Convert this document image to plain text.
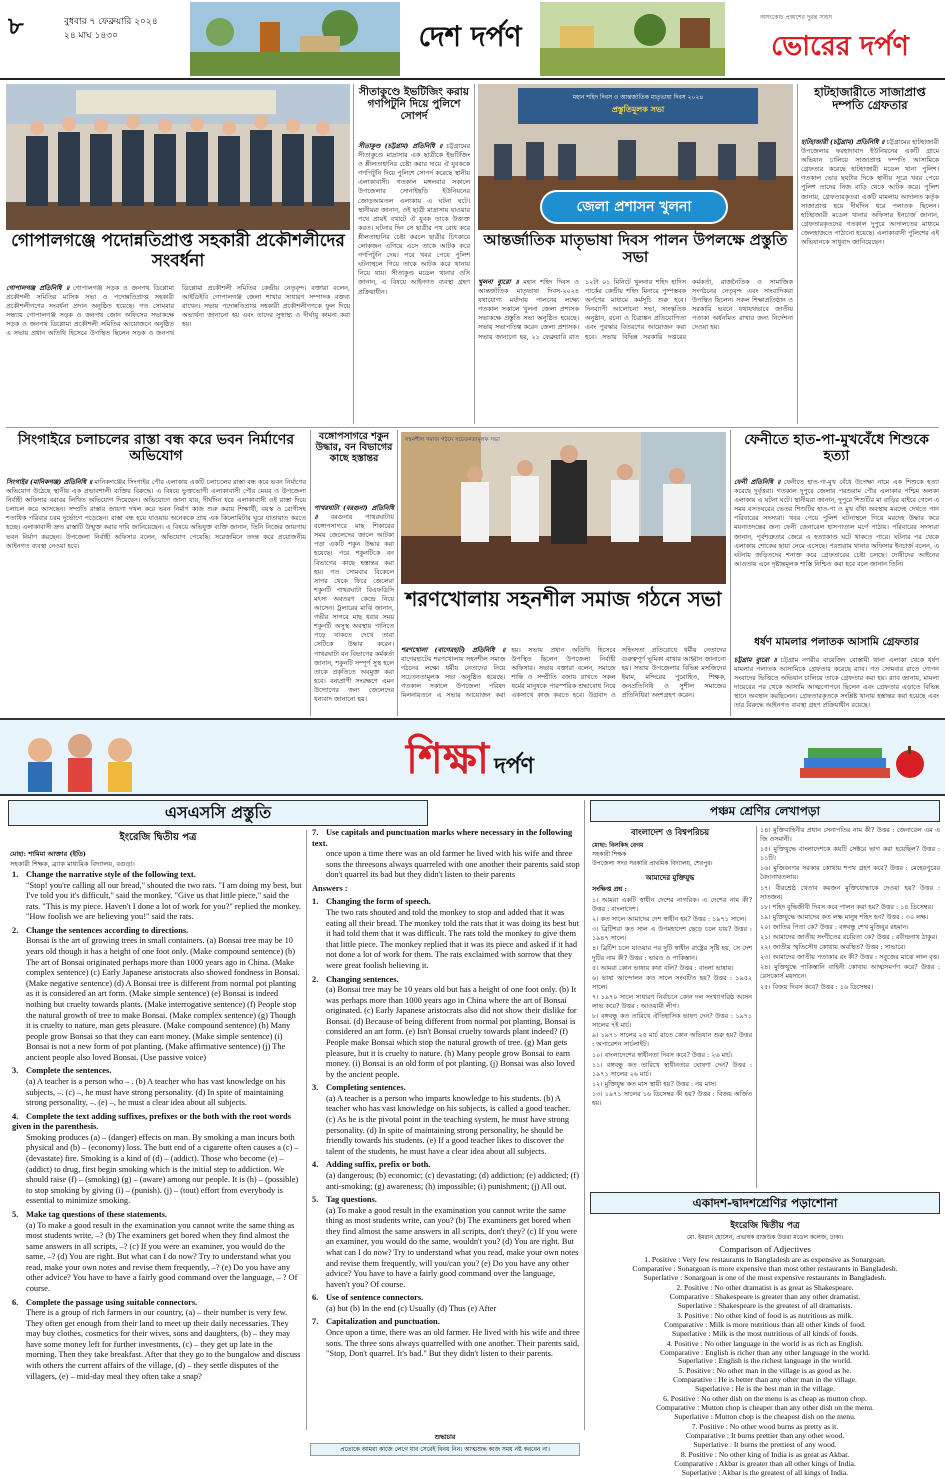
৮	বুধবার ৭ ফেব্রুয়ারি ২০২৪
২৪ মাঘ ১৪৩০	দেশ দর্পণ
অসংকোচ প্রকাশের দুরন্ত সাহস
ভোরের দর্পণ
গোপালগঞ্জে পদোন্নতিপ্রাপ্ত সহকারী প্রকৌশলীদের সংবর্ধনা
গোপালগঞ্জ প্রতিনিধি ॥ গোপালগঞ্জ সড়ক ও জনপথ ডিপ্লোমা প্রকৌশলী সমিতির মাসিক সভা ও পদোন্নতিপ্রাপ্ত সহকারী প্রকৌশলীগণের সংবর্ধনা প্রদান অনুষ্ঠিত হয়েছে। গত সোমবার সন্ধ্যায় গোপালগঞ্জ সড়ক ও জনপথ জোন অফিসের সভাকক্ষে সড়ক ও জনপথ ডিপ্লোমা প্রকৌশলী সমিতির আয়োজনে অনুষ্ঠিত এ সভায় প্রধান অতিথি হিসেবে উপস্থিত ছিলেন সড়ক ও জনপথ ডিপ্লোমা প্রকৌশলী সমিতির কেন্দ্রীয় নেতৃবৃন্দ। বক্তারা বলেন, আইডিইবি গোপালগঞ্জ জেলা শাখার সাধারণ সম্পাদক বক্তব্য রাখেন। সভায় পদোন্নতিপ্রাপ্ত সহকারী প্রকৌশলীগণকে ফুল দিয়ে অভ্যর্থনা জানানো হয় এবং তাদের সুস্বাস্থ্য ও দীর্ঘায়ু কামনা করা হয়।
সীতাকুণ্ডে ইভটিজিং করায় গণপিটুনি দিয়ে পুলিশে সোপর্দ
সীতাকুণ্ড (চট্টগ্রাম) প্রতিনিধি ॥ চট্টগ্রামের সীতাকুণ্ডে মাদ্রাসার এক ছাত্রীকে ইভটিজিং ও শ্লীলতাহানির চেষ্টা করার দায়ে ঐ যুবককে গণপিটুনি দিয়ে পুলিশে সোপর্দ করেছে স্থানীয় এলাকাবাসী। গতকাল মঙ্গলবার সকালে উপজেলার সোনাইছড়ি ইউনিয়নের জোড়আমতল এলাকায় এ ঘটনা ঘটে। স্থানীয়রা জানান, ওই ছাত্রী মাদ্রাসায় যাওয়ার পথে প্রায়ই বখাটে ঐ যুবক তাকে উত্ত্যক্ত করত। ঘটনার দিন সে ছাত্রীর পথ রোধ করে শ্লীলতাহানির চেষ্টা করলে ছাত্রীর চিৎকারে লোকজন এগিয়ে এসে তাকে আটক করে গণপিটুনি দেয়। পরে খবর পেয়ে পুলিশ ঘটনাস্থলে গিয়ে তাকে আটক করে থানায় নিয়ে যায়। সীতাকুণ্ড মডেল থানার ওসি জানান, এ বিষয়ে আইনগত ব্যবস্থা গ্রহণ প্রক্রিয়াধীন।
মহান শহিদ দিবস ও আন্তর্জাতিক মাতৃভাষা দিবস ২০২৪
প্রস্তুতিমূলক সভা
জেলা প্রশাসন খুলনা
আন্তর্জাতিক মাতৃভাষা দিবস পালন উপলক্ষে প্রস্তুতি সভা
খুলনা ব্যুরো ॥ মহান শহিদ দিবস ও আন্তর্জাতিক মাতৃভাষা দিবস-২০২৪ যথাযোগ্য মর্যাদায় পালনের লক্ষ্যে গতকাল সকালে খুলনা জেলা প্রশাসক সভাকক্ষে প্রস্তুতি সভা অনুষ্ঠিত হয়েছে। সভায় সভাপতিত্ব করেন জেলা প্রশাসক। সভায় জানানো হয়, ২১ ফেব্রুয়ারি রাত ১২টা ০১ মিনিটে খুলনার শহিদ হাদিস পার্কের কেন্দ্রীয় শহিদ মিনারে পুষ্পস্তবক অর্পণের মাধ্যমে কর্মসূচি শুরু হবে। দিনব্যাপী আলোচনা সভা, সাংস্কৃতিক অনুষ্ঠান, রচনা ও চিত্রাঙ্কন প্রতিযোগিতা এবং পুরস্কার বিতরণের আয়োজন করা হবে। সভায় বিভিন্ন সরকারি দপ্তরের কর্মকর্তা, রাজনৈতিক ও সামাজিক সংগঠনের নেতৃবৃন্দ এবং সাংবাদিকরা উপস্থিত ছিলেন। সকল শিক্ষাপ্রতিষ্ঠান ও সরকারি ভবনে যথাযথভাবে জাতীয় পতাকা অর্ধনমিত রাখার জন্য নির্দেশনা দেওয়া হয়।
হাটহাজারীতে সাজাপ্রাপ্ত দম্পতি গ্রেফতার
হাটহাজারী (চট্টগ্রাম) প্রতিনিধি ॥ চট্টগ্রামের হাটহাজারী উপজেলার ফরহাদাবাদ ইউনিয়নের একটি গ্রামে অভিযান চালিয়ে সাজাপ্রাপ্ত দম্পতি আসামিকে গ্রেফতার করেছে হাটহাজারী মডেল থানা পুলিশ। গতকাল ভোর ছয়টার দিকে স্থানীয় সূত্রে খবর পেয়ে পুলিশ তাদের নিজ বাড়ি থেকে আটক করে। পুলিশ জানায়, গ্রেফতারকৃতরা একটি মামলায় আদালত কর্তৃক সাজাপ্রাপ্ত হয়ে দীর্ঘদিন ধরে পলাতক ছিলেন। হাটহাজারী মডেল থানার অফিসার ইনচার্জ জানান, গ্রেফতারকৃতদের গতকাল দুপুরে আদালতের মাধ্যমে জেলহাজতে পাঠানো হয়েছে। এলাকাবাসী পুলিশের এই অভিযানকে সাধুবাদ জানিয়েছেন।
সিংগাইরে চলাচলের রাস্তা বন্ধ করে ভবন নির্মাণের অভিযোগ
সিংগাইর (মানিকগঞ্জ) প্রতিনিধি ॥ মানিকগঞ্জের সিংগাইর পৌর এলাকায় একটি চলাচলের রাস্তা বন্ধ করে ভবন নির্মাণের অভিযোগ উঠেছে স্থানীয় এক প্রভাবশালী ব্যক্তির বিরুদ্ধে। এ বিষয়ে ভুক্তভোগী এলাকাবাসী পৌর মেয়র ও উপজেলা নির্বাহী অফিসার বরাবর লিখিত অভিযোগ দিয়েছেন। অভিযোগে জানা যায়, দীর্ঘদিন ধরে এলাকাবাসী ওই রাস্তা দিয়ে চলাচল করে আসছেন। সম্প্রতি রাস্তার জায়গা দখল করে ভবন নির্মাণ কাজ শুরু করায় শিক্ষার্থী, বয়স্ক ও রোগীসহ শতাধিক পরিবার চরম দুর্ভোগে পড়েছেন। রাস্তা বন্ধ হয়ে যাওয়ায় অনেককে প্রায় এক কিলোমিটার ঘুরে যাতায়াত করতে হচ্ছে। এলাকাবাসী দ্রুত রাস্তাটি উন্মুক্ত করার দাবি জানিয়েছেন। এ বিষয়ে অভিযুক্ত ব্যক্তি জানান, তিনি নিজের জায়গায় ভবন নির্মাণ করছেন। উপজেলা নির্বাহী অফিসার বলেন, অভিযোগ পেয়েছি। সরেজমিনে তদন্ত করে প্রয়োজনীয় আইনগত ব্যবস্থা নেওয়া হবে।
বঙ্গোপসাগরে শকুন উদ্ধার, বন বিভাগের কাছে হস্তান্তর
পাথরঘাটা (বরগুনা) প্রতিনিধি ॥ বরগুনার পাথরঘাটায় বঙ্গোপসাগরে মাছ শিকারের সময় জেলেদের জালে আটকা পড়া একটি শকুন উদ্ধার করা হয়েছে। পরে শকুনটিকে বন বিভাগের কাছে হস্তান্তর করা হয়। গত সোমবার বিকেলে সাগর থেকে ফিরে জেলেরা শকুনটি পাথরঘাটা বিএফডিসি মৎস্য অবতরণ কেন্দ্রে নিয়ে আসেন। ট্রলারের মাঝি জানান, গভীর সাগরে মাছ ধরার সময় শকুনটি অসুস্থ অবস্থায় পানিতে পড়ে থাকতে দেখে তারা সেটিকে উদ্ধার করেন। পাথরঘাটা বন বিভাগের কর্মকর্তা জানান, শকুনটি সম্পূর্ণ সুস্থ হলে তাকে প্রকৃতিতে অবমুক্ত করা হবে। বন্যপ্রাণী সংরক্ষণে এমন উদ্যোগের জন্য জেলেদের ধন্যবাদ জানানো হয়।
সহনশীল সমাজ গঠনে সচেতনতামূলক সভা
শরণখোলায় সহনশীল সমাজ গঠনে সভা
ফেনীতে হাত-পা-মুখবেঁধে শিশুকে হত্যা
ফেনী প্রতিনিধি ॥ ফেনীতে হাত-পা-মুখ বেঁধে উপেক্ষা নামে এক শিশুকে হত্যা করেছে দুর্বৃত্তরা। গতকাল দুপুরে জেলার পরশুরাম পৌর এলাকার পশ্চিম অলকা এলাকায় এ ঘটনা ঘটে। স্থানীয়রা জানান, দুপুরে শিশুটির মা বাড়ির বাইরে গেলে এ সময় বসতঘরের ভেতর শিশুটির হাত-পা ও মুখ বাঁধা অবস্থায় মরদেহ দেখতে পান পরিবারের সদস্যরা। খবর পেয়ে পুলিশ ঘটনাস্থলে গিয়ে মরদেহ উদ্ধার করে ময়নাতদন্তের জন্য ফেনী জেনারেল হাসপাতাল মর্গে পাঠায়। পরিবারের সদস্যরা জানান, পূর্বশত্রুতার জেরে এ হত্যাকাণ্ড ঘটে থাকতে পারে। ঘটনার পর থেকে এলাকায় শোকের ছায়া নেমে এসেছে। পরশুরাম থানার অফিসার ইনচার্জ বলেন, এ ঘটনায় জড়িতদের শনাক্ত করে গ্রেফতারের চেষ্টা চলছে। দোষীদের আইনের আওতায় এনে দৃষ্টান্তমূলক শাস্তি নিশ্চিত করা হবে বলে জানান তিনি।
শরণখোলা (বাগেরহাট) প্রতিনিধি ॥ বাগেরহাটের শরণখোলায় সহনশীল সমাজ গঠনের লক্ষ্যে ধর্মীয় নেতাদের নিয়ে সচেতনতামূলক সভা অনুষ্ঠিত হয়েছে। গতকাল সকালে উপজেলা পরিষদ মিলনায়তনে এ সভার আয়োজন করা হয়। সভায় প্রধান অতিথি হিসেবে উপস্থিত ছিলেন উপজেলা নির্বাহী অফিসার। সভায় বক্তারা বলেন, সমাজে শান্তি ও সম্প্রীতি বজায় রাখতে সকল ধর্মের মানুষকে পারস্পরিক শ্রদ্ধাবোধ নিয়ে একসাথে কাজ করতে হবে। উগ্রবাদ ও সহিংসতা প্রতিরোধে ধর্মীয় নেতাদের গুরুত্বপূর্ণ ভূমিকা রাখার আহ্বান জানানো হয়। সভায় উপজেলার বিভিন্ন মসজিদের ইমাম, মন্দিরের পুরোহিত, শিক্ষক, জনপ্রতিনিধি ও সুশীল সমাজের প্রতিনিধিরা অংশগ্রহণ করেন।
ধর্ষণ মামলার পলাতক আসামি গ্রেফতার
চট্টগ্রাম ব্যুরো ॥ চট্টগ্রাম নগরীর বায়েজিদ বোস্তামী থানা এলাকা থেকে ধর্ষণ মামলার পলাতক আসামিকে গ্রেফতার করেছে র‍্যাব। গত সোমবার রাতে গোপন সংবাদের ভিত্তিতে অভিযান চালিয়ে তাকে গ্রেফতার করা হয়। র‍্যাব জানায়, মামলা দায়েরের পর থেকে আসামি আত্মগোপনে ছিলেন এবং গ্রেফতার এড়াতে বিভিন্ন স্থানে অবস্থান করছিলেন। গ্রেফতারকৃতকে সংশ্লিষ্ট থানায় হস্তান্তর করা হয়েছে এবং তার বিরুদ্ধে আইনগত ব্যবস্থা গ্রহণ প্রক্রিয়াধীন রয়েছে।
শিক্ষা দর্পণ
এসএসসি প্রস্তুতি
ইংরেজি দ্বিতীয় পত্র
মোহা: শামিমা আক্তার (ইতি)
সহকারী শিক্ষক, ব্র্যাক মাধ্যমিক বিদ্যালয়, বগুড়া।
1. Change the narrative style of the following text.
"Stop! you're calling all our bread," shouted the two rats. "I am doing my best, but I've told you it's difficult," said the monkey. "Give us that little piece," said the rats. "This is my piece. Haven't I done a lot of work for you?" replied the monkey. "How foolish we are believing you!" said the rats.
2. Change the sentences according to directions.
Bonsai is the art of growing trees in small containers. (a) Bonsai tree may be 10 years old though it has a height of one foot only. (Make compound sentence) (b) The art of Bonsai originated perhaps more than 1000 years ago in China. (Make complex sentence) (c) Early Japanese aristocrats also showed fondness in Bonsai. (Make negative sentence) (d) A Bonsai tree is different from normal pot planting as it is considered an art form. (Make simple sentence) (e) Bonsai is indeed nothing but cruelty towards plants. (Make interrogative sentence) (f) People stop the natural growth of tree to make Bonsai. (Make complex sentence) (g) Though it is cruelty to nature, man gets pleasure. (Make compound sentence) (h) Many people grow Bonsai so that they can earn money. (Make simple sentence) (i) Bonsai is not a new form of pot planting. (Make affirmative sentence) (j) The ancient people also loved Bonsai. (Use passive voice)
3. Complete the sentences.
(a) A teacher is a person who – . (b) A teacher who has vast knowledge on his subjects, –. (c) –, he must have strong personality. (d) In spite of maintaining strong personality, –. (e) –, he must a clear idea about all subjects.
4. Complete the text adding suffixes, prefixes or the both with the root words given in the parenthesis.
Smoking produces (a) – (danger) effects on man. By smoking a man incurs both physical and (b) – (economy) loss. The butt end of a cigarette often causes a (c) – (devastate) fire. Smoking is a kind of (d) – (addict). Those who become (e) – (addict) to drug, first begin smoking which is the initial step to addiction. We should raise (f) – (smoking) (g) – (aware) among our people. It is (h) – (possible) to stop smoking by giving (i) – (punish). (j) – (tout) effort from everybody is essential to minimize smoking.
5. Make tag questions of these statements.
(a) To make a good result in the examination you cannot write the same thing as most students write, –? (b) The examiners get bored when they find almost the same answers in all scripts, –? (c) If you were an examiner, you would do the same, –? (d) You are right. But what can I do now? Try to understand what you read, make your own notes and revise them frequently, –? (e) Do you have any other advice? You have to have a fairly good command over the language, – ? Of course.
6. Complete the passage using suitable connectors.
There is a group of rich farmers in our country, (a) – their number is very few. They often get enough from their land to meet up their daily necessaries. They may buy clothes, cosmetics for their wives, sons and daughters, (b) – they may have some money left for further investments, (c) – they get up late in the morning. Then they take breakfast. After that they go to the bungalow and discuss with others the current affairs of the village, (d) – they settle disputes of the villagers, (e) – mid-day meal they often take a snap?
7. Use capitals and punctuation marks where necessary in the following text.
once upon a time there was an old farmer he lived with his wife and three sons the threesons always quarreled with one another their parents said stop don't quarrel its bad but they didn't listen to their parents
Answers :
1. Changing the form of speech.
The two rats shouted and told the monkey to stop and added that it was eating all their bread. The monkey told the rats that it was doing its best but it had told them that it was difficult. The rats told the monkey to give them that little piece. The monkey replied that it was its piece and asked if it had not done a lot of work for them. The rats exclaimed with sorrow that they were great foolish believing it.
2. Changing sentences.
(a) Bonsai tree may be 10 years old but has a height of one foot only. (b) It was perhaps more than 1000 years ago in China where the art of Bonsai originated. (c) Early Japanese aristocrats also did not show their dislike for Bonsai. (d) Because of being different from normal pot planting, Bonsai is considered an art form. (e) Isn't Bonsai cruelty towards plant indeed? (f) People make Bonsai which stop the natural growth of tree. (g) Man gets pleasure, but it is cruelty to nature. (h) Many people grow Bonsai to earn money. (i) Bonsai is an old form of pot planting. (j) Bonsai was also loved by the ancient people.
3. Completing sentences.
(a) A teacher is a person who imparts knowledge to his students. (b) A teacher who has vast knowledge on his subjects, is called a good teacher. (c) As he is the pivotal point in the teaching system, he must have strong personality. (d) In spite of maintaining strong personality, he should be friendly towards his students. (e) If a good teacher likes to discover the talent of the students, he must have a clear idea about all subjects.
4. Adding suffix, prefix or both.
(a) dangerous; (b) economic; (c) devastating; (d) addiction; (e) addicted; (f) anti-smoking; (g) awareness; (h) impossible; (i) punishment; (j) All out.
5. Tag questions.
(a) To make a good result in the examination you cannot write the same thing as most students write, can you? (b) The examiners get bored when they find almost the same answers in all scripts, don't they? (c) If you were an examiner, you would do the same, wouldn't you? (d) You are right. But what can I do now? Try to understand what you read, make your own notes and revise them frequently, will you/can you? (e) Do you have any other advice? You have to have a fairly good command over the language, haven't you? Of course.
6. Use of sentence connectors.
(a) but (b) In the end (c) Usually (d) Thus (e) After
7. Capitalization and punctuation.
Once upon a time, there was an old farmer. He lived with his wife and three sons. The three sons always quarrelled with one another. Their parents said, "Stop, Don't quarrel. It's bad." But they didn't listen to their parents.
পঞ্চম শ্রেণির লেখাপড়া
বাংলাদেশ ও বিশ্বপরিচয়
মোছা: বিলকিছ বেগম
সহকারী শিক্ষক
উপজেলা সদর সরকারি প্রাথমিক বিদ্যালয়, শেরপুর।
আমাদের মুক্তিযুদ্ধ
সংক্ষিপ্ত প্রশ্ন :
১। আমরা একটি স্বাধীন দেশের নাগরিক। এ দেশের নাম কী? উত্তর : বাংলাদেশ।
২। কত সালে আমাদের দেশ স্বাধীন হয়? উত্তর : ১৯৭১ সালে।
৩। ব্রিটিশরা কত সাল এ উপমহাদেশ ছেড়ে চলে যায়? উত্তর : ১৯৪৭ সালে।
৪। ব্রিটিশ চলে যাওয়ার পর দুটি স্বাধীন রাষ্ট্রের সৃষ্টি হয়, সে দেশ দুটির নাম কী? উত্তর : ভারত ও পাকিস্তান।
৫। আমরা কোন ভাষায় কথা বলি? উত্তর : বাংলা ভাষায়।
৬। ভাষা আন্দোলন কত সালে সংঘটিত হয়? উত্তর : ১৯৫২ সালে।
৭। ১৯৭০ সালে সাধারণ নির্বাচনে কোন দল সংখ্যাগরিষ্ঠ আসন লাভ করে? উত্তর : আওয়ামী লীগ।
৮। বঙ্গবন্ধু কত তারিখে ঐতিহাসিক ভাষণ দেন? উত্তর : ১৯৭১ সালের ৭ই মার্চ।
৯। ১৯৭১ সালের ২৫ মার্চ রাতে কোন অভিযান শুরু হয়? উত্তর : অপারেশন সার্চলাইট।
১০। বাংলাদেশের স্বাধীনতা দিবস কবে? উত্তর : ২৬ মার্চ।
১১। বঙ্গবন্ধু কত তারিখে স্বাধীনতার ঘোষণা দেন? উত্তর : ১৯৭১ সালের ২৬ মার্চ।
১২। মুক্তিযুদ্ধ কত মাস স্থায়ী হয়? উত্তর : নয় মাস।
১৩। ১৯৭১ সালের ১৬ ডিসেম্বর কী হয়? উত্তর : বিজয় অর্জিত হয়।
১৪। মুক্তিবাহিনীর প্রধান সেনাপতির নাম কী? উত্তর : জেনারেল এম এ জি ওসমানী।
১৫। মুক্তিযুদ্ধে বাংলাদেশকে কয়টি সেক্টরে ভাগ করা হয়েছিল? উত্তর : ১১টি।
১৬। মুজিবনগর সরকার কোথায় শপথ গ্রহণ করে? উত্তর : মেহেরপুরের বৈদ্যনাথতলায়।
১৭। বীরশ্রেষ্ঠ খেতাব কয়জন মুক্তিযোদ্ধাকে দেওয়া হয়? উত্তর : সাতজন।
১৮। শহিদ বুদ্ধিজীবী দিবস কবে পালন করা হয়? উত্তর : ১৪ ডিসেম্বর।
১৯। মুক্তিযুদ্ধে আমাদের কত লক্ষ মানুষ শহিদ হন? উত্তর : ৩০ লক্ষ।
২০। জাতির পিতা কে? উত্তর : বঙ্গবন্ধু শেখ মুজিবুর রহমান।
২১। আমাদের জাতীয় সংগীতের রচয়িতা কে? উত্তর : রবীন্দ্রনাথ ঠাকুর।
২২। জাতীয় স্মৃতিসৌধ কোথায় অবস্থিত? উত্তর : সাভারে।
২৩। আমাদের জাতীয় পতাকার রং কী? উত্তর : সবুজের মাঝে লাল বৃত্ত।
২৪। মুক্তিযুদ্ধে পাকিস্তানি বাহিনী কোথায় আত্মসমর্পণ করে? উত্তর : রেসকোর্স ময়দানে।
২৫। বিজয় দিবস কবে? উত্তর : ১৬ ডিসেম্বর।
একাদশ-দ্বাদশশ্রেণির পড়াশোনা
ইংরেজি দ্বিতীয় পত্র
মো. ইমরান হোসেন, প্রভাষক রাজউক উত্তরা মডেল কলেজ, ঢাকা।
Comparison of Adjectives
1. Positive : Very few restaurants in Bangladesh are as expensive as Sonargoan.
Comparative : Sonargoan is more expensive than most other restaurants in Bangladesh.
Superlative : Sonargoan is one of the most expensive restaurants in Bangladesh.
2. Positive : No other dramatist is as great as Shakespeare.
Comparative : Shakespeare is greater than any other dramatist.
Superlative : Shakespeare is the greatest of all dramatists.
3. Positive : No other kind of food is as nutritious as milk.
Comparative : Milk is more nutritious than all other kinds of food.
Superlative : Milk is the most nutritious of all kinds of foods.
4. Positive : No other language in the world is as rich as English.
Comparative : English is richer than any other language in the world.
Superlative : English is the richest language in the world.
5. Positive : No other man in the village is as good as he.
Comparative : He is better than any other man in the village.
Superlative : He is the best man in the village.
6. Positive : No other dish on the menu is as cheap as mutton chop.
Comparative : Mutton chop is cheaper than any other dish on the menu.
Superlative : Mutton chop is the cheapest dish on the menu.
7. Positive : No other wood burns as pretty as it.
Comparative : It burns prettier than any other wood.
Superlative : It burns the prettiest of any wood.
8. Positive : No other king of India is as great as Akbar.
Comparative : Akbar is greater than all other kings of India.
Superlative : Akbar is the greatest of all kings of India.
শুদ্ধাচার
প্রত্যেকে আমরা কাজে লেগে যাব সেরেই বিনয় নিন। আত্মশুদ্ধ কাজ সময় নষ্ট করবেন না।
